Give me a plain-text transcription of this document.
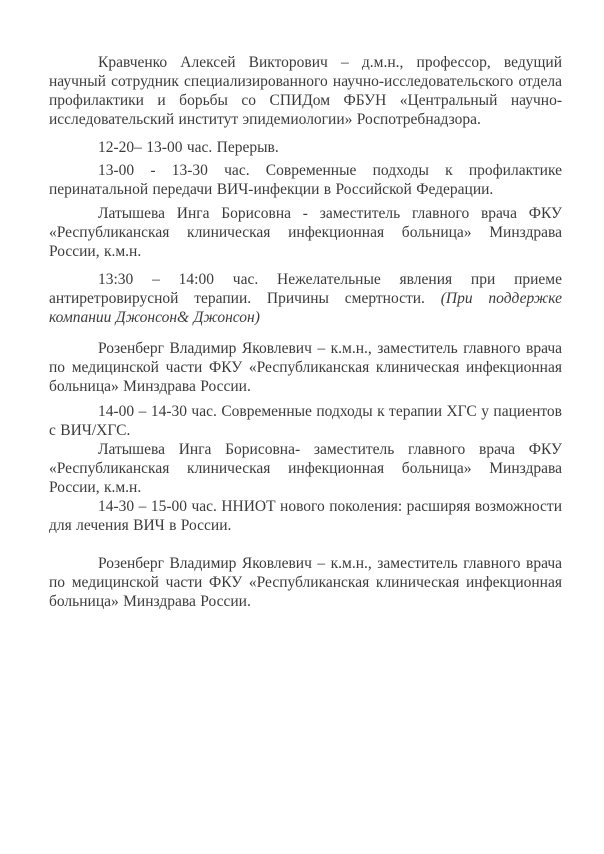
Кравченко Алексей Викторович – д.м.н., профессор, ведущий научный сотрудник специализированного научно-исследовательского отдела профилактики и борьбы со СПИДом ФБУН «Центральный научно-исследовательский институт эпидемиологии» Роспотребнадзора.

12-20– 13-00 час. Перерыв.

13-00 - 13-30 час. Современные подходы к профилактике перинатальной передачи ВИЧ-инфекции в Российской Федерации.

Латышева Инга Борисовна - заместитель главного врача ФКУ «Республиканская клиническая инфекционная больница» Минздрава России, к.м.н.

13:30 – 14:00 час. Нежелательные явления при приеме антиретровирусной терапии. Причины смертности. (При поддержке компании Джонсон& Джонсон)

Розенберг Владимир Яковлевич – к.м.н., заместитель главного врача по медицинской части ФКУ «Республиканская клиническая инфекционная больница» Минздрава России.

14-00 – 14-30 час. Современные подходы к терапии ХГС у пациентов с ВИЧ/ХГС.

Латышева Инга Борисовна- заместитель главного врача ФКУ «Республиканская клиническая инфекционная больница» Минздрава России, к.м.н.

14-30 – 15-00 час. ННИОТ нового поколения: расширяя возможности для лечения ВИЧ в России.

Розенберг Владимир Яковлевич – к.м.н., заместитель главного врача по медицинской части ФКУ «Республиканская клиническая инфекционная больница» Минздрава России.
